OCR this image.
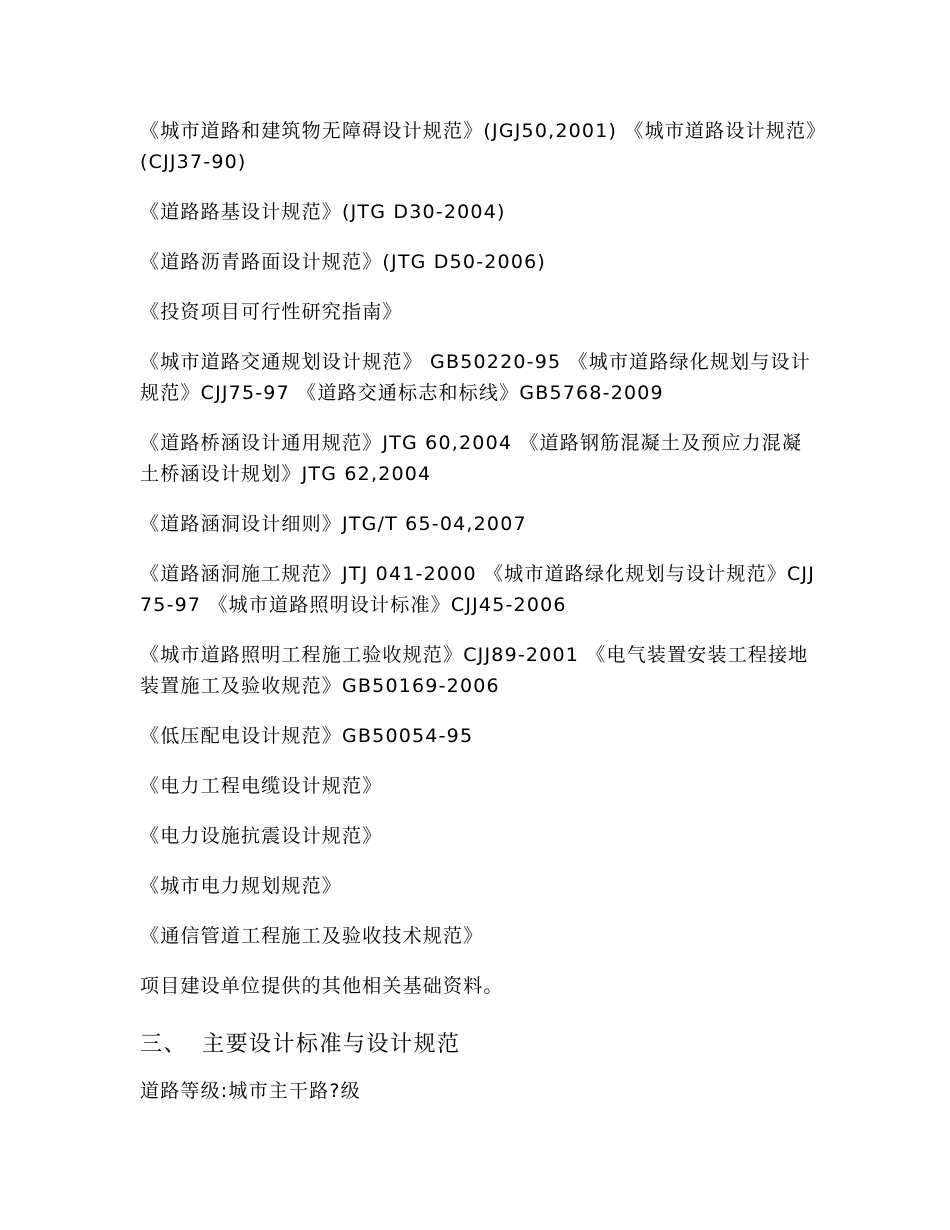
《城市道路和建筑物无障碍设计规范》(JGJ50,2001) 《城市道路设计规范》(CJJ37-90)

《道路路基设计规范》(JTG D30-2004)

《道路沥青路面设计规范》(JTG D50-2006)

《投资项目可行性研究指南》

《城市道路交通规划设计规范》 GB50220-95 《城市道路绿化规划与设计规范》CJJ75-97 《道路交通标志和标线》GB5768-2009

《道路桥涵设计通用规范》JTG 60,2004 《道路钢筋混凝土及预应力混凝土桥涵设计规划》JTG 62,2004

《道路涵洞设计细则》JTG/T 65-04,2007

《道路涵洞施工规范》JTJ 041-2000 《城市道路绿化规划与设计规范》CJJ75-97 《城市道路照明设计标准》CJJ45-2006

《城市道路照明工程施工验收规范》CJJ89-2001 《电气装置安装工程接地装置施工及验收规范》GB50169-2006

《低压配电设计规范》GB50054-95

《电力工程电缆设计规范》

《电力设施抗震设计规范》

《城市电力规划规范》

《通信管道工程施工及验收技术规范》

项目建设单位提供的其他相关基础资料。

三、 主要设计标准与设计规范

道路等级:城市主干路?级
